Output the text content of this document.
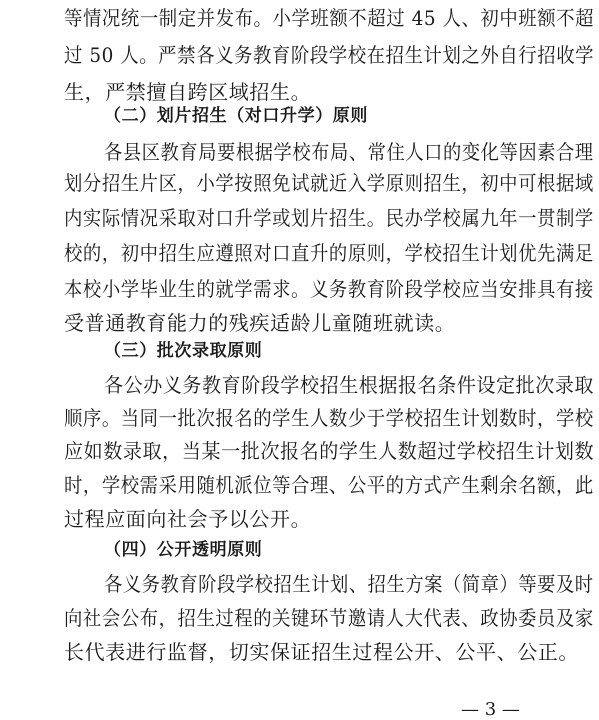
等情况统一制定并发布。小学班额不超过 45 人、初中班额不超
过 50 人。严禁各义务教育阶段学校在招生计划之外自行招收学
生，严禁擅自跨区域招生。
（二）划片招生（对口升学）原则
各县区教育局要根据学校布局、常住人口的变化等因素合理
划分招生片区，小学按照免试就近入学原则招生，初中可根据域
内实际情况采取对口升学或划片招生。民办学校属九年一贯制学
校的，初中招生应遵照对口直升的原则，学校招生计划优先满足
本校小学毕业生的就学需求。义务教育阶段学校应当安排具有接
受普通教育能力的残疾适龄儿童随班就读。
（三）批次录取原则
各公办义务教育阶段学校招生根据报名条件设定批次录取
顺序。当同一批次报名的学生人数少于学校招生计划数时，学校
应如数录取，当某一批次报名的学生人数超过学校招生计划数
时，学校需采用随机派位等合理、公平的方式产生剩余名额，此
过程应面向社会予以公开。
（四）公开透明原则
各义务教育阶段学校招生计划、招生方案（简章）等要及时
向社会公布，招生过程的关键环节邀请人大代表、政协委员及家
长代表进行监督，切实保证招生过程公开、公平、公正。
— 3 —
